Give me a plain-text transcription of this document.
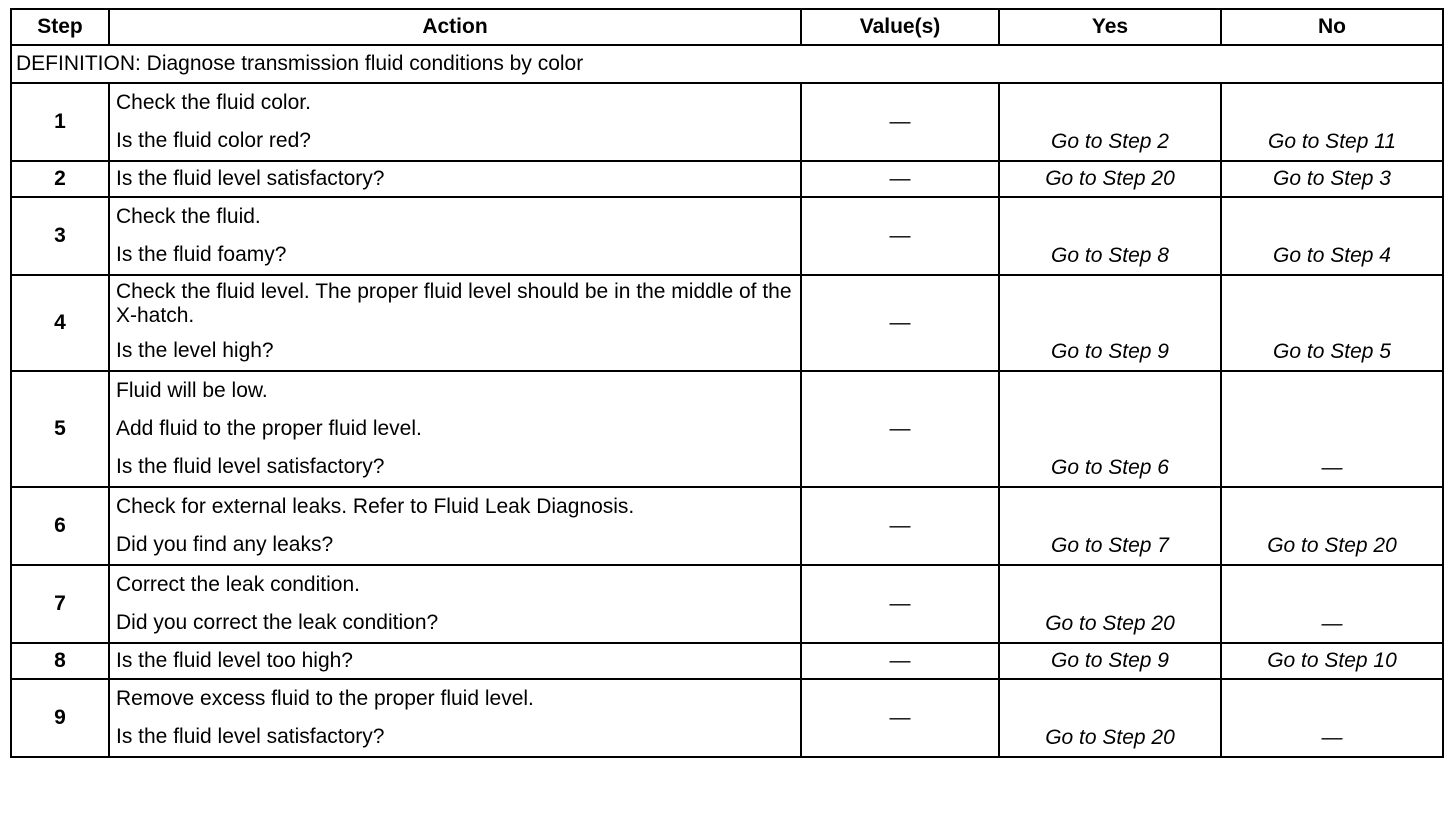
Step	Action	Value(s)	Yes	No
DEFINITION: Diagnose transmission fluid conditions by color				
1	Check the fluid color.
Is the fluid color red?	—	Go to Step 2	Go to Step 11
2	Is the fluid level satisfactory?	—	Go to Step 20	Go to Step 3
3	Check the fluid.
Is the fluid foamy?	—	Go to Step 8	Go to Step 4
4	Check the fluid level. The proper fluid level should be in the middle of the X-hatch.
Is the level high?	—	Go to Step 9	Go to Step 5
5	Fluid will be low.
Add fluid to the proper fluid level.
Is the fluid level satisfactory?	—	Go to Step 6	—
6	Check for external leaks. Refer to Fluid Leak Diagnosis.
Did you find any leaks?	—	Go to Step 7	Go to Step 20
7	Correct the leak condition.
Did you correct the leak condition?	—	Go to Step 20	—
8	Is the fluid level too high?	—	Go to Step 9	Go to Step 10
9	Remove excess fluid to the proper fluid level.
Is the fluid level satisfactory?	—	Go to Step 20	—
